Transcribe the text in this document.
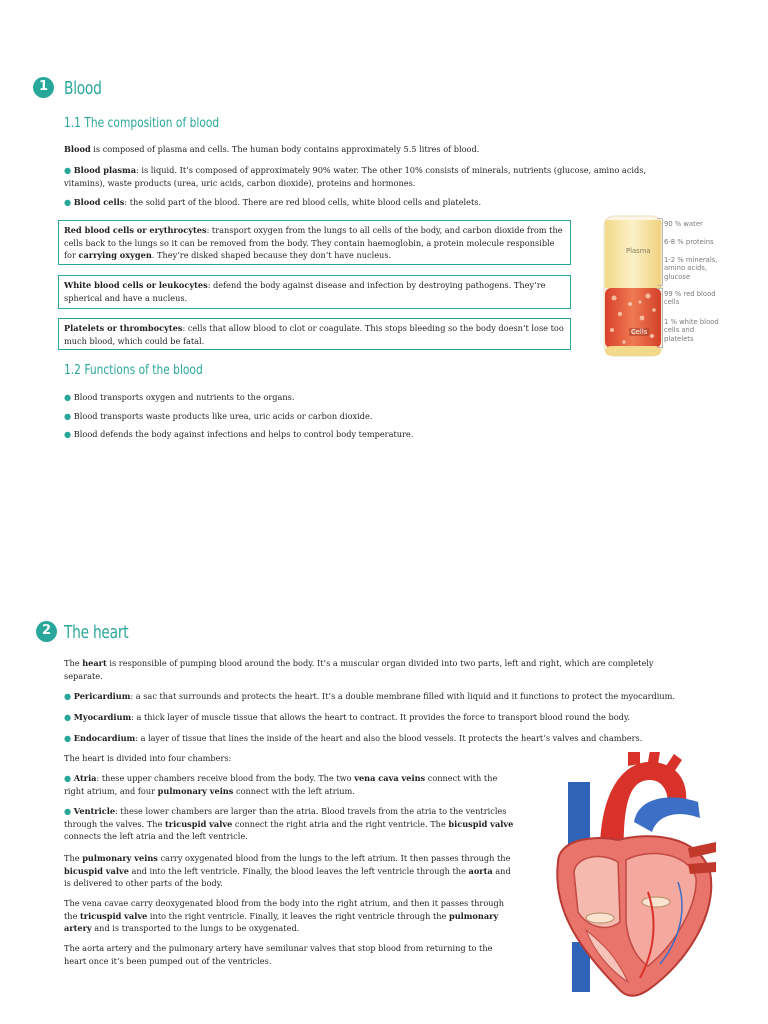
1 Blood
1.1 The composition of blood

Blood is composed of plasma and cells. The human body contains approximately 5.5 litres of blood.

● Blood plasma: is liquid. It’s composed of approximately 90% water. The other 10% consists of minerals, nutrients (glucose, amino acids, vitamins), waste products (urea, uric acids, carbon dioxide), proteins and hormones.

● Blood cells: the solid part of the blood. There are red blood cells, white blood cells and platelets.

Red blood cells or erythrocytes: transport oxygen from the lungs to all cells of the body, and carbon dioxide from the cells back to the lungs so it can be removed from the body. They contain haemoglobin, a protein molecule responsible for carrying oxygen. They’re disked shaped because they don’t have nucleus.

White blood cells or leukocytes: defend the body against disease and infection by destroying pathogens. They’re spherical and have a nucleus.

Platelets or thrombocytes: cells that allow blood to clot or coagulate. This stops bleeding so the body doesn’t lose too much blood, which could be fatal.

Plasma
Cells
90 % water
6-8 % proteins
1-2 % minerals, amino acids, glucose
99 % red blood cells
1 % white blood cells and platelets
1.2 Functions of the blood

● Blood transports oxygen and nutrients to the organs.

● Blood transports waste products like urea, uric acids or carbon dioxide.

● Blood defends the body against infections and helps to control body temperature.

2 The heart

The heart is responsible of pumping blood around the body. It’s a muscular organ divided into two parts, left and right, which are completely separate.

● Pericardium: a sac that surrounds and protects the heart. It’s a double membrane filled with liquid and it functions to protect the myocardium.

● Myocardium: a thick layer of muscle tissue that allows the heart to contract. It provides the force to transport blood round the body.

● Endocardium: a layer of tissue that lines the inside of the heart and also the blood vessels. It protects the heart’s valves and chambers.

The heart is divided into four chambers:

● Atria: these upper chambers receive blood from the body. The two vena cava veins connect with the right atrium, and four pulmonary veins connect with the left atrium.

● Ventricle: these lower chambers are larger than the atria. Blood travels from the atria to the ventricles through the valves. The tricuspid valve connect the right atria and the right ventricle. The bicuspid valve connects the left atria and the left ventricle.

The pulmonary veins carry oxygenated blood from the lungs to the left atrium. It then passes through the bicuspid valve and into the left ventricle. Finally, the blood leaves the left ventricle through the aorta and is delivered to other parts of the body.

The vena cavae carry deoxygenated blood from the body into the right atrium, and then it passes through the tricuspid valve into the right ventricle. Finally, it leaves the right ventricle through the pulmonary artery and is transported to the lungs to be oxygenated.

The aorta artery and the pulmonary artery have semilunar valves that stop blood from returning to the heart once it’s been pumped out of the ventricles.
